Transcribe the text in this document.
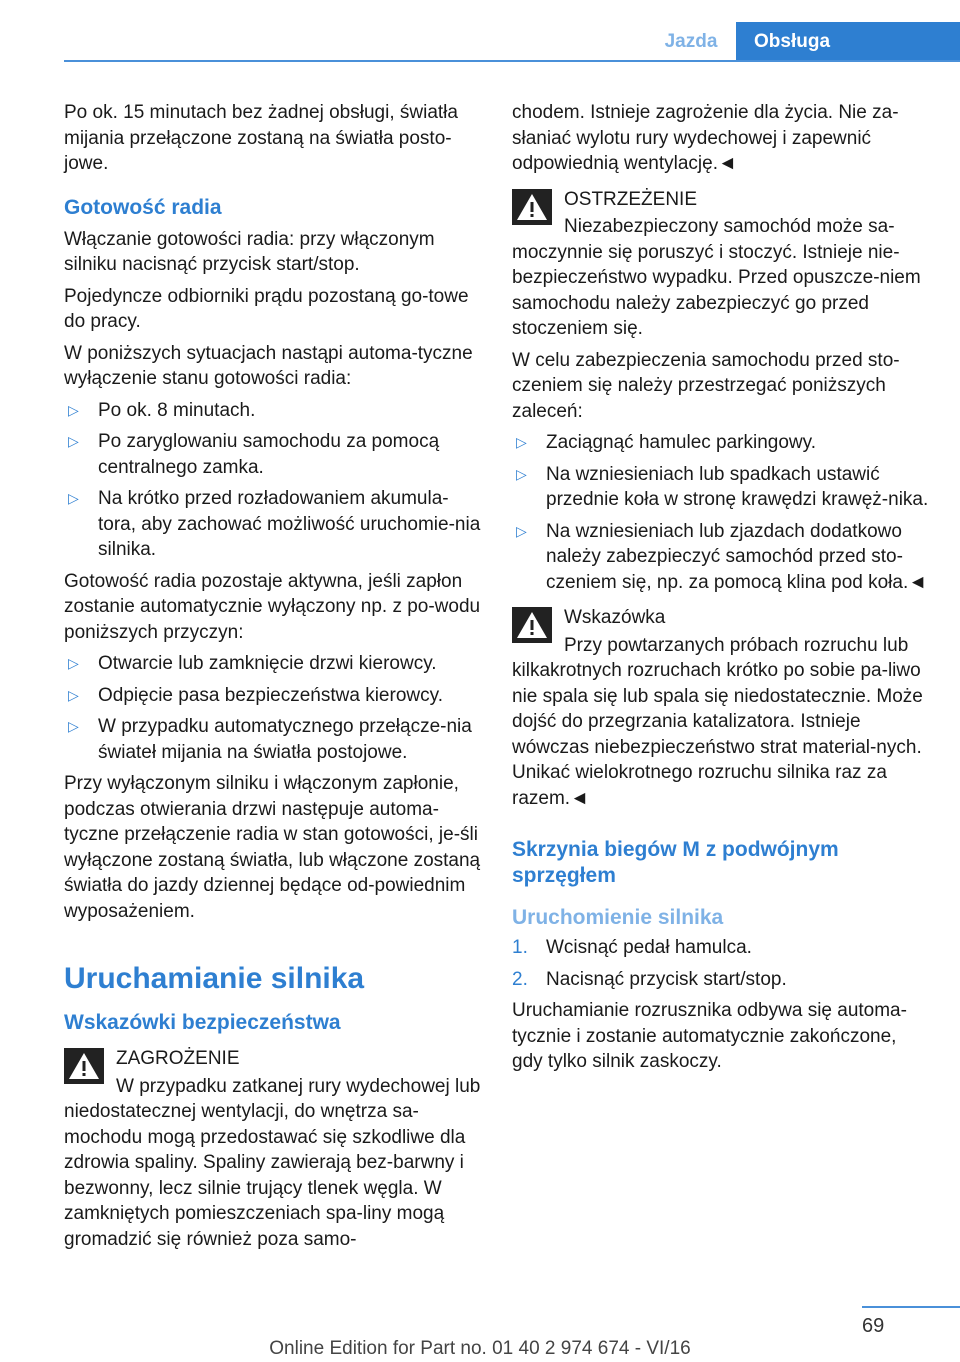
Jazda	Obsługa

Po ok. 15 minutach bez żadnej obsługi, światła mijania przełączone zostaną na światła posto-jowe.

Gotowość radia

Włączanie gotowości radia: przy włączonym silniku nacisnąć przycisk start/stop.

Pojedyncze odbiorniki prądu pozostaną go-towe do pracy.

W poniższych sytuacjach nastąpi automa-tyczne wyłączenie stanu gotowości radia:

▷ Po ok. 8 minutach.
▷ Po zaryglowaniu samochodu za pomocą centralnego zamka.
▷ Na krótko przed rozładowaniem akumula-tora, aby zachować możliwość uruchomie-nia silnika.

Gotowość radia pozostaje aktywna, jeśli zapłon zostanie automatycznie wyłączony np. z po-wodu poniższych przyczyn:

▷ Otwarcie lub zamknięcie drzwi kierowcy.
▷ Odpięcie pasa bezpieczeństwa kierowcy.
▷ W przypadku automatycznego przełącze-nia świateł mijania na światła postojowe.

Przy wyłączonym silniku i włączonym zapłonie, podczas otwierania drzwi następuje automa-tyczne przełączenie radia w stan gotowości, je-śli wyłączone zostaną światła, lub włączone zostaną światła do jazdy dziennej będące od-powiednim wyposażeniem.

Uruchamianie silnika
Wskazówki bezpieczeństwa
ZAGROŻENIE
W przypadku zatkanej rury wydechowej lub niedostatecznej wentylacji, do wnętrza sa-mochodu mogą przedostawać się szkodliwe dla zdrowia spaliny. Spaliny zawierają bez-barwny i bezwonny, lecz silnie trujący tlenek węgla. W zamkniętych pomieszczeniach spa-liny mogą gromadzić się również poza samo-

chodem. Istnieje zagrożenie dla życia. Nie za-słaniać wylotu rury wydechowej i zapewnić odpowiednią wentylację.◄

OSTRZEŻENIE
Niezabezpieczony samochód może sa-moczynnie się poruszyć i stoczyć. Istnieje nie-bezpieczeństwo wypadku. Przed opuszcze-niem samochodu należy zabezpieczyć go przed stoczeniem się.

W celu zabezpieczenia samochodu przed sto-czeniem się należy przestrzegać poniższych zaleceń:

▷ Zaciągnąć hamulec parkingowy.
▷ Na wzniesieniach lub spadkach ustawić przednie koła w stronę krawędzi krawęż-nika.
▷ Na wzniesieniach lub zjazdach dodatkowo należy zabezpieczyć samochód przed sto-czeniem się, np. za pomocą klina pod koła.◄
Wskazówka
Przy powtarzanych próbach rozruchu lub kilkakrotnych rozruchach krótko po sobie pa-liwo nie spala się lub spala się niedostatecznie. Może dojść do przegrzania katalizatora. Istnieje wówczas niebezpieczeństwo strat material-nych. Unikać wielokrotnego rozruchu silnika raz za razem.◄
Skrzynia biegów M z podwójnym sprzęgłem
Uruchomienie silnika
1. Wcisnąć pedał hamulca.
2. Nacisnąć przycisk start/stop.

Uruchamianie rozrusznika odbywa się automa-tycznie i zostanie automatycznie zakończone, gdy tylko silnik zaskoczy.

69
Online Edition for Part no. 01 40 2 974 674 - VI/16
